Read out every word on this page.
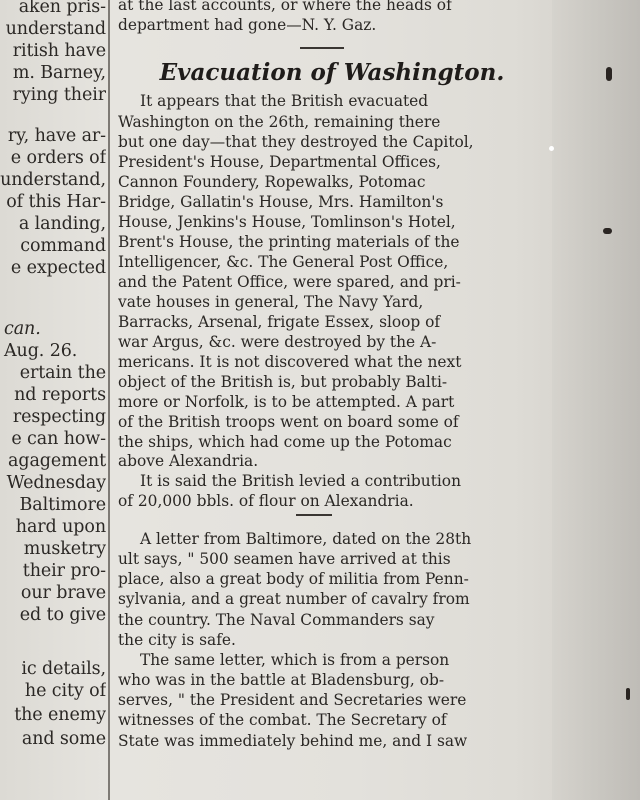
aken pris-
understand
ritish have
m. Barney,
rying their
ry, have ar-
e orders of
understand,
of this Har-
a landing,
command
e expected
can.
Aug. 26.
ertain the
nd reports
respecting
e can how-
agagement
Wednesday
Baltimore
hard upon
musketry
their pro-
our brave
ed to give
ic details,
he city of
the enemy
and some
at the last accounts, or where the heads of
department had gone—N. Y. Gaz.
Evacuation of Washington.
It appears that the British evacuated
Washington on the 26th, remaining there
but one day—that they destroyed the Capitol,
President's House, Departmental Offices,
Cannon Foundery, Ropewalks, Potomac
Bridge, Gallatin's House, Mrs. Hamilton's
House, Jenkins's House, Tomlinson's Hotel,
Brent's House, the printing materials of the
Intelligencer, &c. The General Post Office,
and the Patent Office, were spared, and pri-
vate houses in general, The Navy Yard,
Barracks, Arsenal, frigate Essex, sloop of
war Argus, &c. were destroyed by the A-
mericans. It is not discovered what the next
object of the British is, but probably Balti-
more or Norfolk, is to be attempted. A part
of the British troops went on board some of
the ships, which had come up the Potomac
above Alexandria.
It is said the British levied a contribution
of 20,000 bbls. of flour on Alexandria.
A letter from Baltimore, dated on the 28th
ult says, " 500 seamen have arrived at this
place, also a great body of militia from Penn-
sylvania, and a great number of cavalry from
the country. The Naval Commanders say
the city is safe.
The same letter, which is from a person
who was in the battle at Bladensburg, ob-
serves, " the President and Secretaries were
witnesses of the combat. The Secretary of
State was immediately behind me, and I saw
